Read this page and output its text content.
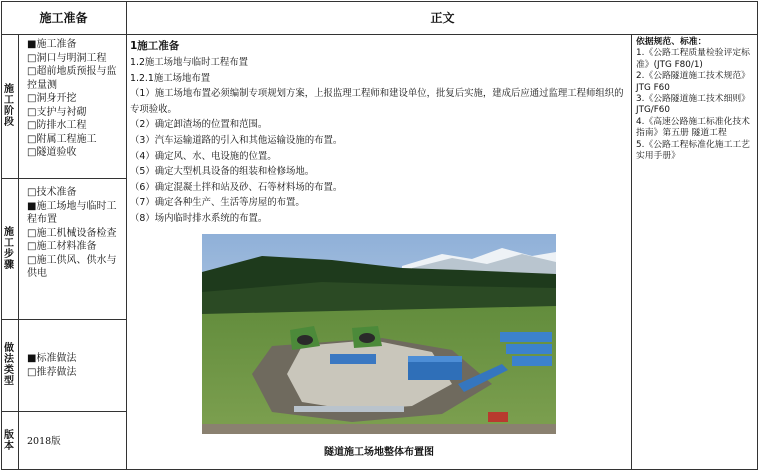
施工准备	正文
施
工
阶
段
施
工
步
骤
做
法
类
型
版
本
■施工准备
□洞口与明洞工程
□超前地质预报与监控量测
□洞身开挖
□支护与衬砌
□防排水工程
□附属工程施工
□隧道验收
□技术准备
■施工场地与临时工程布置
□施工机械设备检查
□施工材料准备
□施工供风、供水与供电
■标准做法
□推荐做法
2018版
1施工准备
1.2施工场地与临时工程布置
1.2.1施工场地布置
（1）施工场地布置必须编制专项规划方案，上报监理工程师和建设单位，批复后实施，建成后应通过监理工程师组织的专项验收。
（2）确定卸渣场的位置和范围。
（3）汽车运输道路的引入和其他运输设施的布置。
（4）确定风、水、电设施的位置。
（5）确定大型机具设备的组装和检修场地。
（6）确定混凝土拌和站及砂、石等材料场的布置。
（7）确定各种生产、生活等房屋的布置。
（8）场内临时排水系统的布置。
隧道施工场地整体布置图
依据规范、标准：
1.《公路工程质量检验评定标准》(JTG F80/1)
2.《公路隧道施工技术规范》JTG F60
3.《公路隧道施工技术细则》JTG/F60
4.《高速公路施工标准化技术指南》第五册 隧道工程
5.《公路工程标准化施工工艺实用手册》
